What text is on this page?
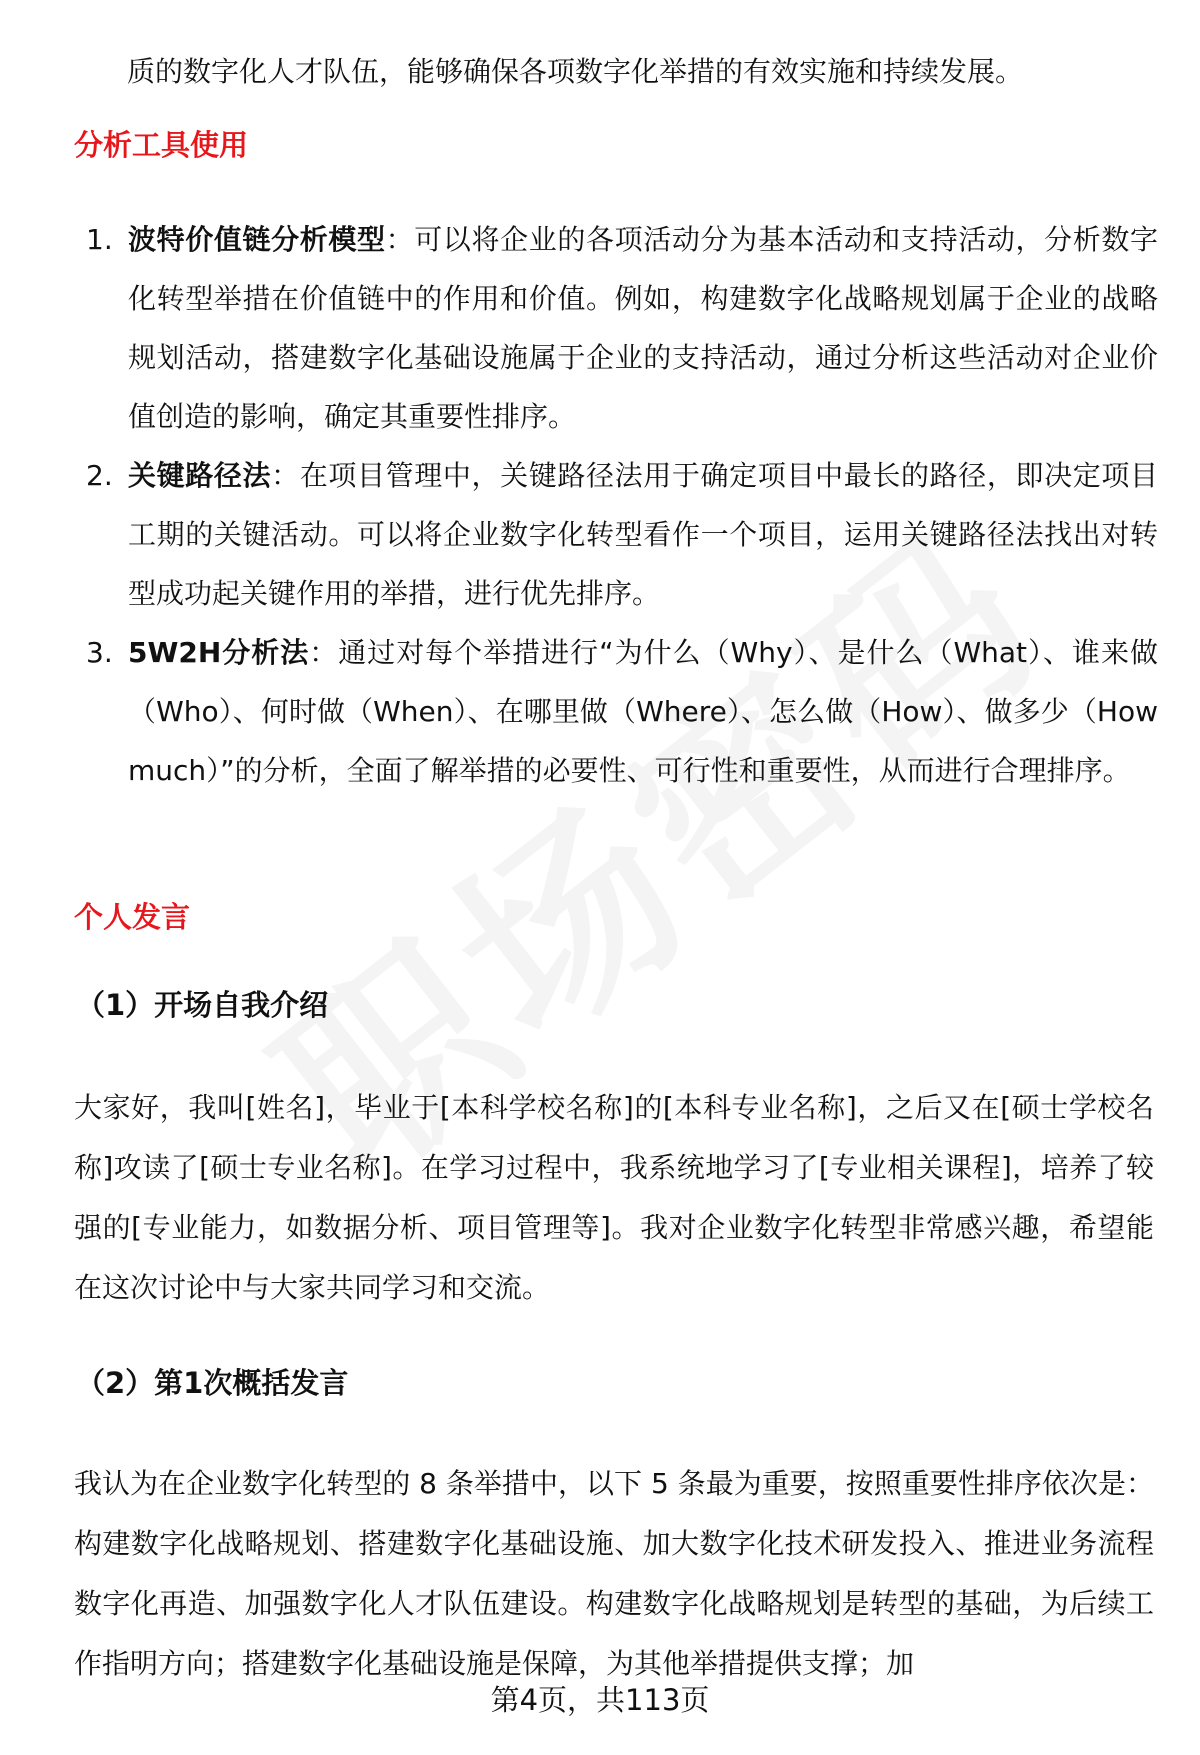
质的数字化人才队伍，能够确保各项数字化举措的有效实施和持续发展。
分析工具使用
1. 波特价值链分析模型：可以将企业的各项活动分为基本活动和支持活动，分析数字化转型举措在价值链中的作用和价值。例如，构建数字化战略规划属于企业的战略规划活动，搭建数字化基础设施属于企业的支持活动，通过分析这些活动对企业价值创造的影响，确定其重要性排序。
2. 关键路径法：在项目管理中，关键路径法用于确定项目中最长的路径，即决定项目工期的关键活动。可以将企业数字化转型看作一个项目，运用关键路径法找出对转型成功起关键作用的举措，进行优先排序。
3. 5W2H分析法：通过对每个举措进行“为什么（Why）、是什么（What）、谁来做（Who）、何时做（When）、在哪里做（Where）、怎么做（How）、做多少（How much）”的分析，全面了解举措的必要性、可行性和重要性，从而进行合理排序。
个人发言
（1）开场自我介绍
大家好，我叫[姓名]，毕业于[本科学校名称]的[本科专业名称]，之后又在[硕士学校名称]攻读了[硕士专业名称]。在学习过程中，我系统地学习了[专业相关课程]，培养了较强的[专业能力，如数据分析、项目管理等]。我对企业数字化转型非常感兴趣，希望能在这次讨论中与大家共同学习和交流。
（2）第1次概括发言
我认为在企业数字化转型的 8 条举措中，以下 5 条最为重要，按照重要性排序依次是：构建数字化战略规划、搭建数字化基础设施、加大数字化技术研发投入、推进业务流程数字化再造、加强数字化人才队伍建设。构建数字化战略规划是转型的基础，为后续工作指明方向；搭建数字化基础设施是保障，为其他举措提供支撑；加
第4页，共113页
